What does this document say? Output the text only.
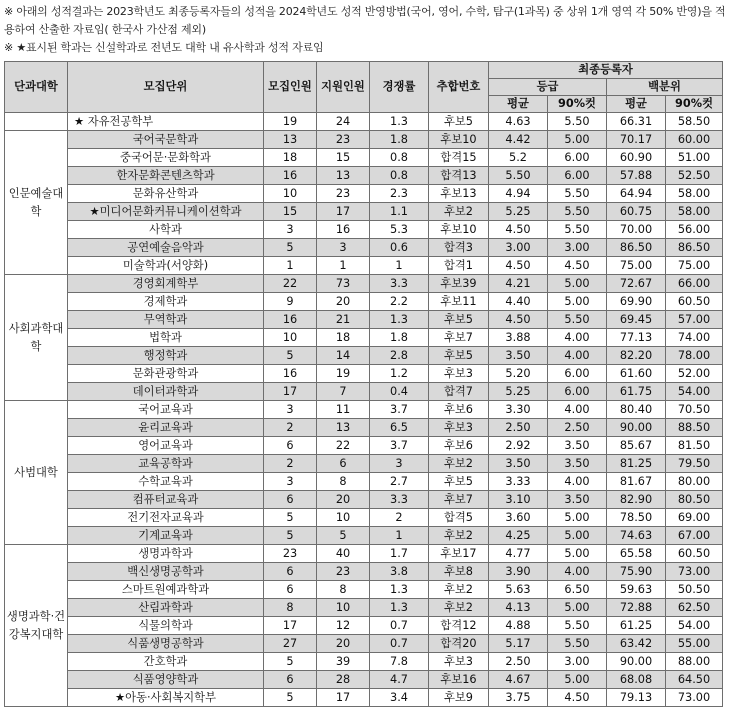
※ 아래의 성적결과는 2023학년도 최종등록자들의 성적을 2024학년도 성적 반영방법(국어, 영어, 수학, 탐구(1과목) 중 상위 1개 영역 각 50% 반영)을 적용하여 산출한 자료임( 한국사 가산점 제외)

※ ★표시된 학과는 신설학과로 전년도 대학 내 유사학과 성적 자료임

단과대학	모집단위	모집인원	지원인원	경쟁률	추합번호	최종등록자			
						등급		백분위	
						평균	90%컷	평균	90%컷
	★ 자유전공학부	19	24	1.3	후보5	4.63	5.50	66.31	58.50
인문예술대학	국어국문학과	13	23	1.8	후보10	4.42	5.00	70.17	60.00
	중국어문·문화학과	18	15	0.8	합격15	5.2	6.00	60.90	51.00
	한자문화콘텐츠학과	16	13	0.8	합격13	5.50	6.00	57.88	52.50
	문화유산학과	10	23	2.3	후보13	4.94	5.50	64.94	58.00
	★미디어문화커뮤니케이션학과	15	17	1.1	후보2	5.25	5.50	60.75	58.00
	사학과	3	16	5.3	후보10	4.50	5.50	70.00	56.00
	공연예술음악과	5	3	0.6	합격3	3.00	3.00	86.50	86.50
	미술학과(서양화)	1	1	1	합격1	4.50	4.50	75.00	75.00
사회과학대학	경영회계학부	22	73	3.3	후보39	4.21	5.00	72.67	66.00
	경제학과	9	20	2.2	후보11	4.40	5.00	69.90	60.50
	무역학과	16	21	1.3	후보5	4.50	5.50	69.45	57.00
	법학과	10	18	1.8	후보7	3.88	4.00	77.13	74.00
	행정학과	5	14	2.8	후보5	3.50	4.00	82.20	78.00
	문화관광학과	16	19	1.2	후보3	5.20	6.00	61.60	52.00
	데이터과학과	17	7	0.4	합격7	5.25	6.00	61.75	54.00
사범대학	국어교육과	3	11	3.7	후보6	3.30	4.00	80.40	70.50
	윤리교육과	2	13	6.5	후보3	2.50	2.50	90.00	88.50
	영어교육과	6	22	3.7	후보6	2.92	3.50	85.67	81.50
	교육공학과	2	6	3	후보2	3.50	3.50	81.25	79.50
	수학교육과	3	8	2.7	후보5	3.33	4.00	81.67	80.00
	컴퓨터교육과	6	20	3.3	후보7	3.10	3.50	82.90	80.50
	전기전자교육과	5	10	2	합격5	3.60	5.00	78.50	69.00
	기계교육과	5	5	1	후보2	4.25	5.00	74.63	67.00
생명과학·건강복지대학	생명과학과	23	40	1.7	후보17	4.77	5.00	65.58	60.50
	백신생명공학과	6	23	3.8	후보8	3.90	4.00	75.90	73.00
	스마트원예과학과	6	8	1.3	후보2	5.63	6.50	59.63	50.50
	산림과학과	8	10	1.3	후보2	4.13	5.00	72.88	62.50
	식물의학과	17	12	0.7	합격12	4.88	5.50	61.25	54.00
	식품생명공학과	27	20	0.7	합격20	5.17	5.50	63.42	55.00
	간호학과	5	39	7.8	후보3	2.50	3.00	90.00	88.00
	식품영양학과	6	28	4.7	후보16	4.67	5.00	68.08	64.50
	★아동·사회복지학부	5	17	3.4	후보9	3.75	4.50	79.13	73.00
